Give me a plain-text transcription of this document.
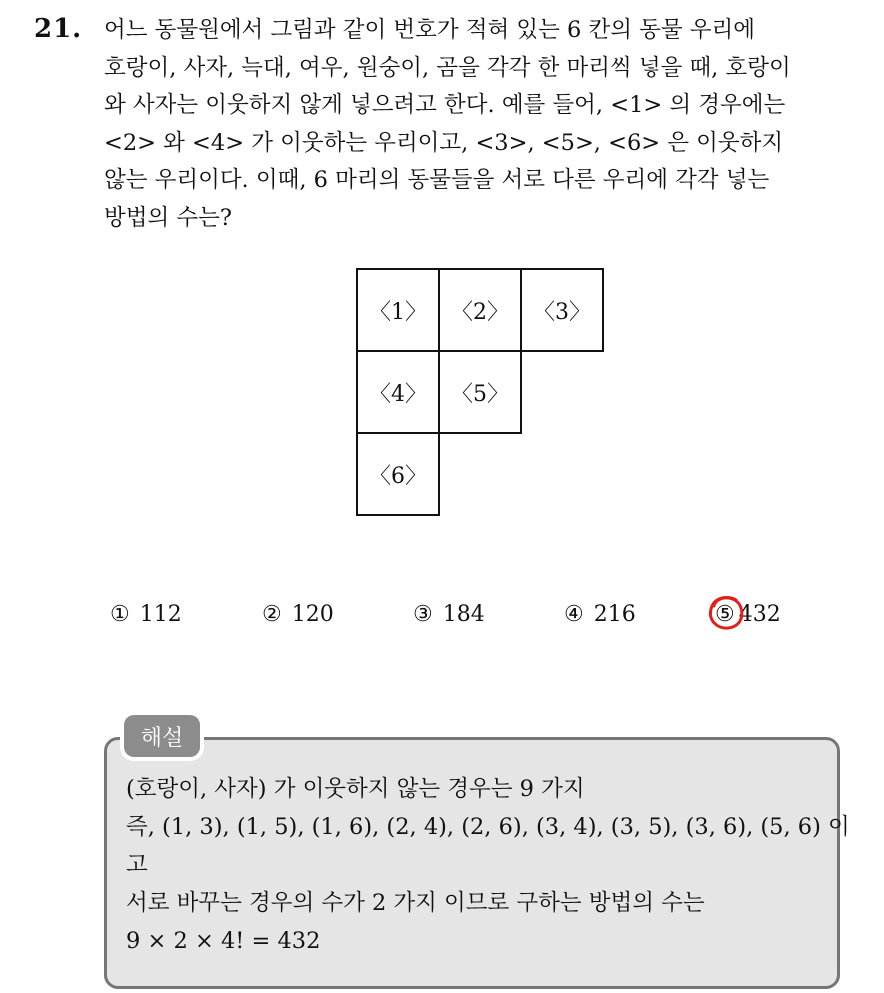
21. 어느 동물원에서 그림과 같이 번호가 적혀 있는 6 칸의 동물 우리에
호랑이, 사자, 늑대, 여우, 원숭이, 곰을 각각 한 마리씩 넣을 때, 호랑이
와 사자는 이웃하지 않게 넣으려고 한다. 예를 들어, <1> 의 경우에는
<2> 와 <4> 가 이웃하는 우리이고, <3>, <5>, <6> 은 이웃하지
않는 우리이다. 이때, 6 마리의 동물들을 서로 다른 우리에 각각 넣는
방법의 수는?
〈1〉	〈2〉	〈3〉
〈4〉	〈5〉
〈6〉
① 112	② 120	③ 184	④ 216	⑤ 432
해설
(호랑이, 사자) 가 이웃하지 않는 경우는 9 가지
즉, (1, 3), (1, 5), (1, 6), (2, 4), (2, 6), (3, 4), (3, 5), (3, 6), (5, 6) 이
고
서로 바꾸는 경우의 수가 2 가지 이므로 구하는 방법의 수는
9 × 2 × 4! = 432
